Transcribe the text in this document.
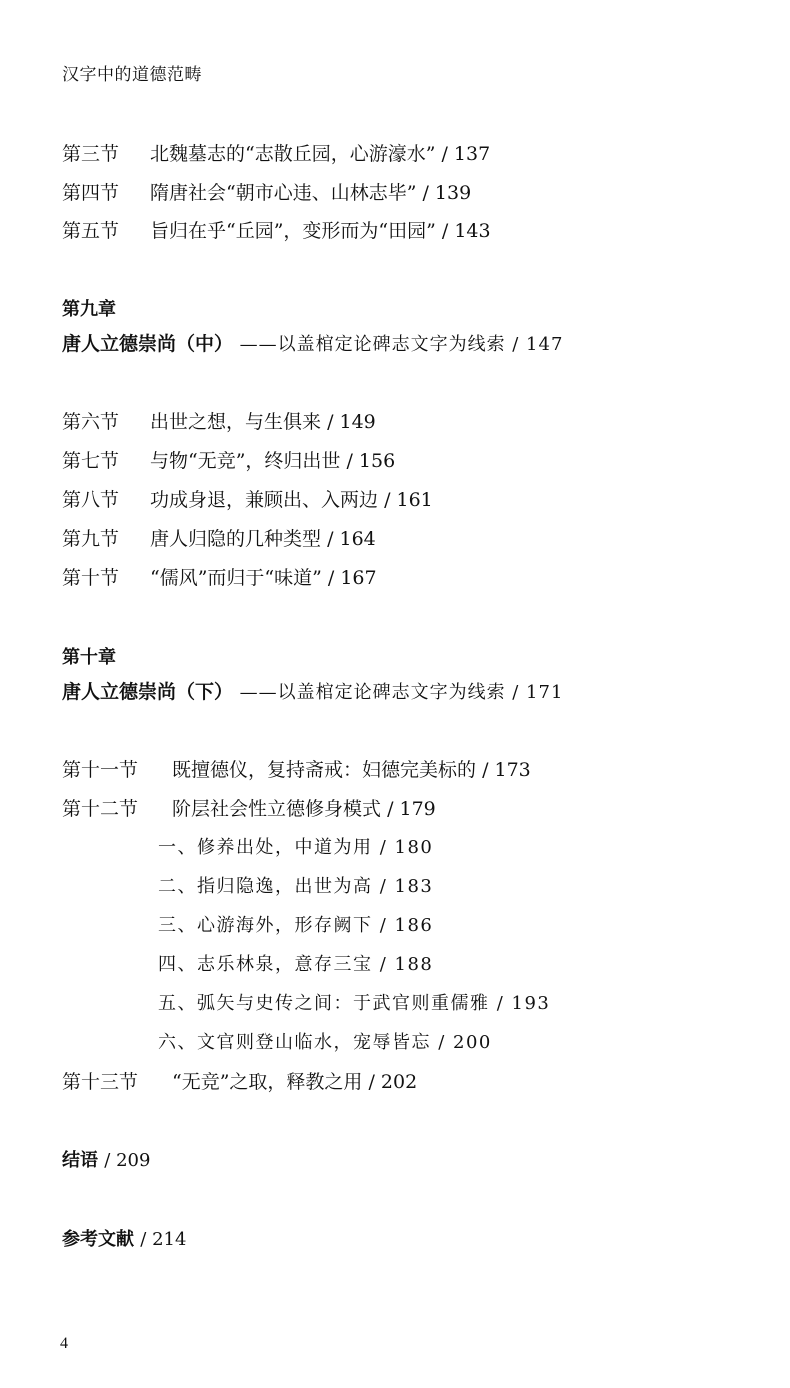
汉字中的道德范畴
第三节 北魏墓志的“志散丘园，心游濠水” / 137
第四节 隋唐社会“朝市心违、山林志毕” / 139
第五节 旨归在乎“丘园”，变形而为“田园” / 143
第九章
唐人立德崇尚（中） ——以盖棺定论碑志文字为线索 / 147
第六节 出世之想，与生俱来 / 149
第七节 与物“无竞”，终归出世 / 156
第八节 功成身退，兼顾出、入两边 / 161
第九节 唐人归隐的几种类型 / 164
第十节 “儒风”而归于“味道” / 167
第十章
唐人立德崇尚（下） ——以盖棺定论碑志文字为线索 / 171
第十一节 既擅德仪，复持斋戒：妇德完美标的 / 173
第十二节 阶层社会性立德修身模式 / 179
一、修养出处，中道为用 / 180
二、指归隐逸，出世为高 / 183
三、心游海外，形存阙下 / 186
四、志乐林泉，意存三宝 / 188
五、弧矢与史传之间：于武官则重儒雅 / 193
六、文官则登山临水，宠辱皆忘 / 200
第十三节 “无竞”之取，释教之用 / 202
结语 / 209
参考文献 / 214
4
